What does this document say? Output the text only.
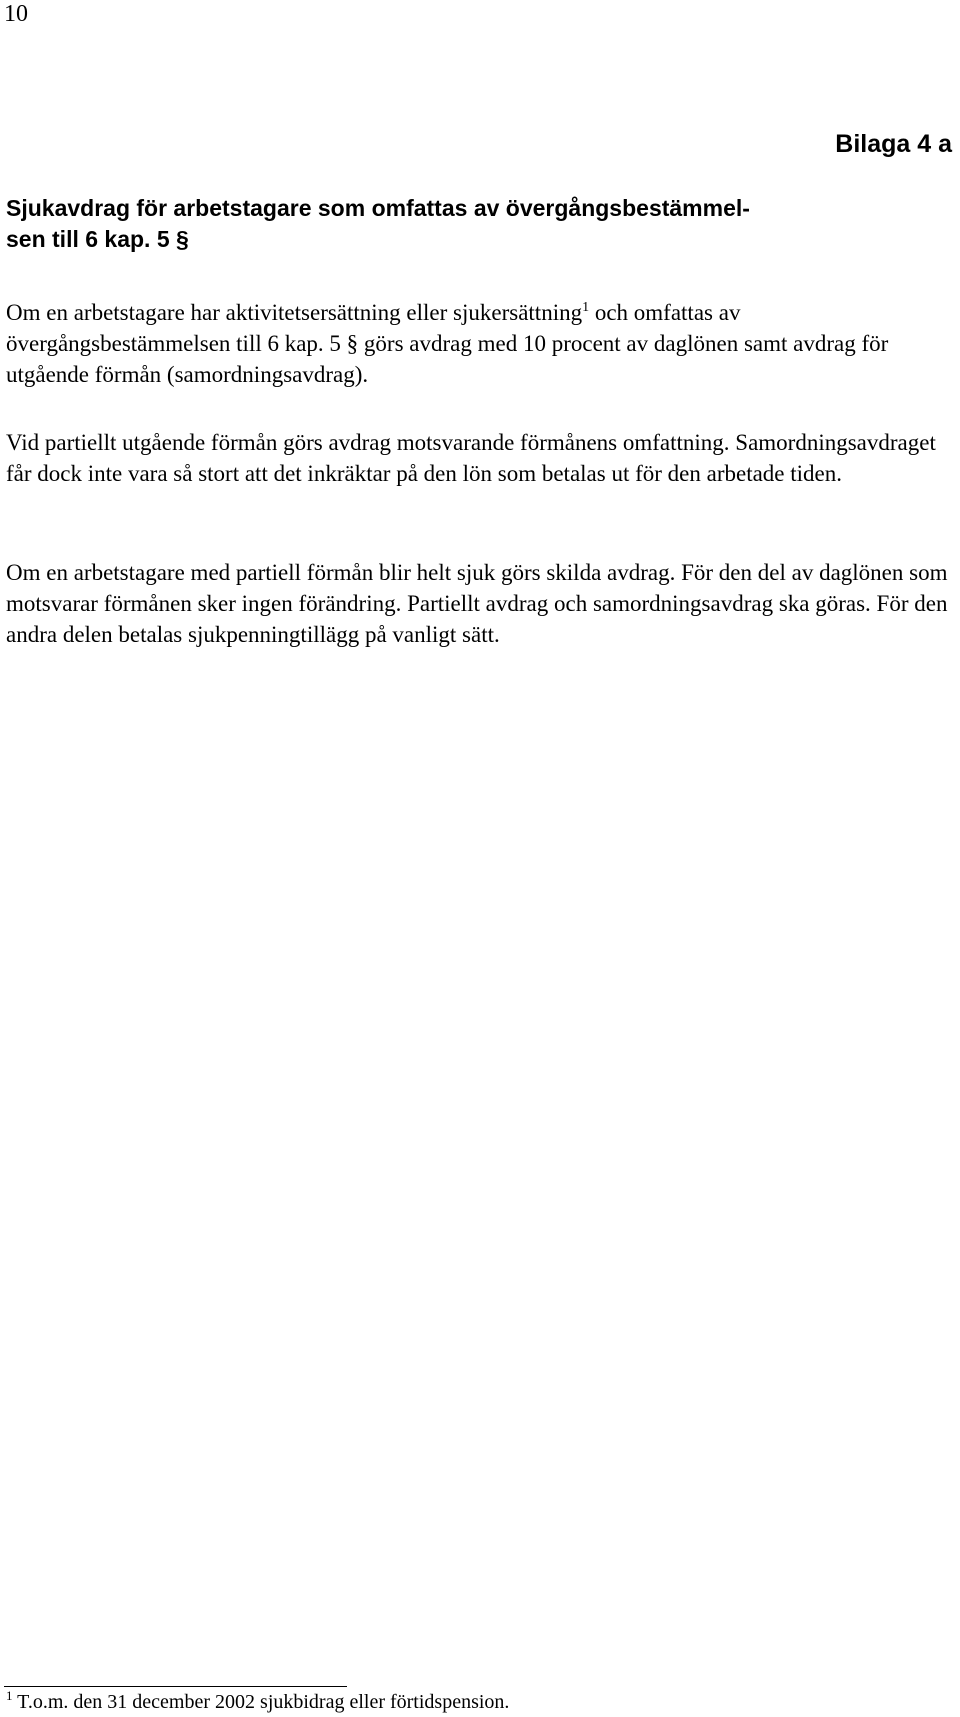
10
Bilaga 4 a
Sjukavdrag för arbetstagare som omfattas av övergångsbestämmel-
sen till 6 kap. 5 §

Om en arbetstagare har aktivitetsersättning eller sjukersättning$^1$ och omfattas av övergångsbestämmelsen till 6 kap. 5 § görs avdrag med 10 procent av daglönen samt avdrag för utgående förmån (samordningsavdrag).

Vid partiellt utgående förmån görs avdrag motsvarande förmånens omfattning. Samordningsavdraget får dock inte vara så stort att det inkräktar på den lön som betalas ut för den arbetade tiden.

Om en arbetstagare med partiell förmån blir helt sjuk görs skilda avdrag. För den del av daglönen som motsvarar förmånen sker ingen förändring. Partiellt avdrag och samordningsavdrag ska göras. För den andra delen betalas sjukpenningtillägg på vanligt sätt.

$^1$ T.o.m. den 31 december 2002 sjukbidrag eller förtidspension.
